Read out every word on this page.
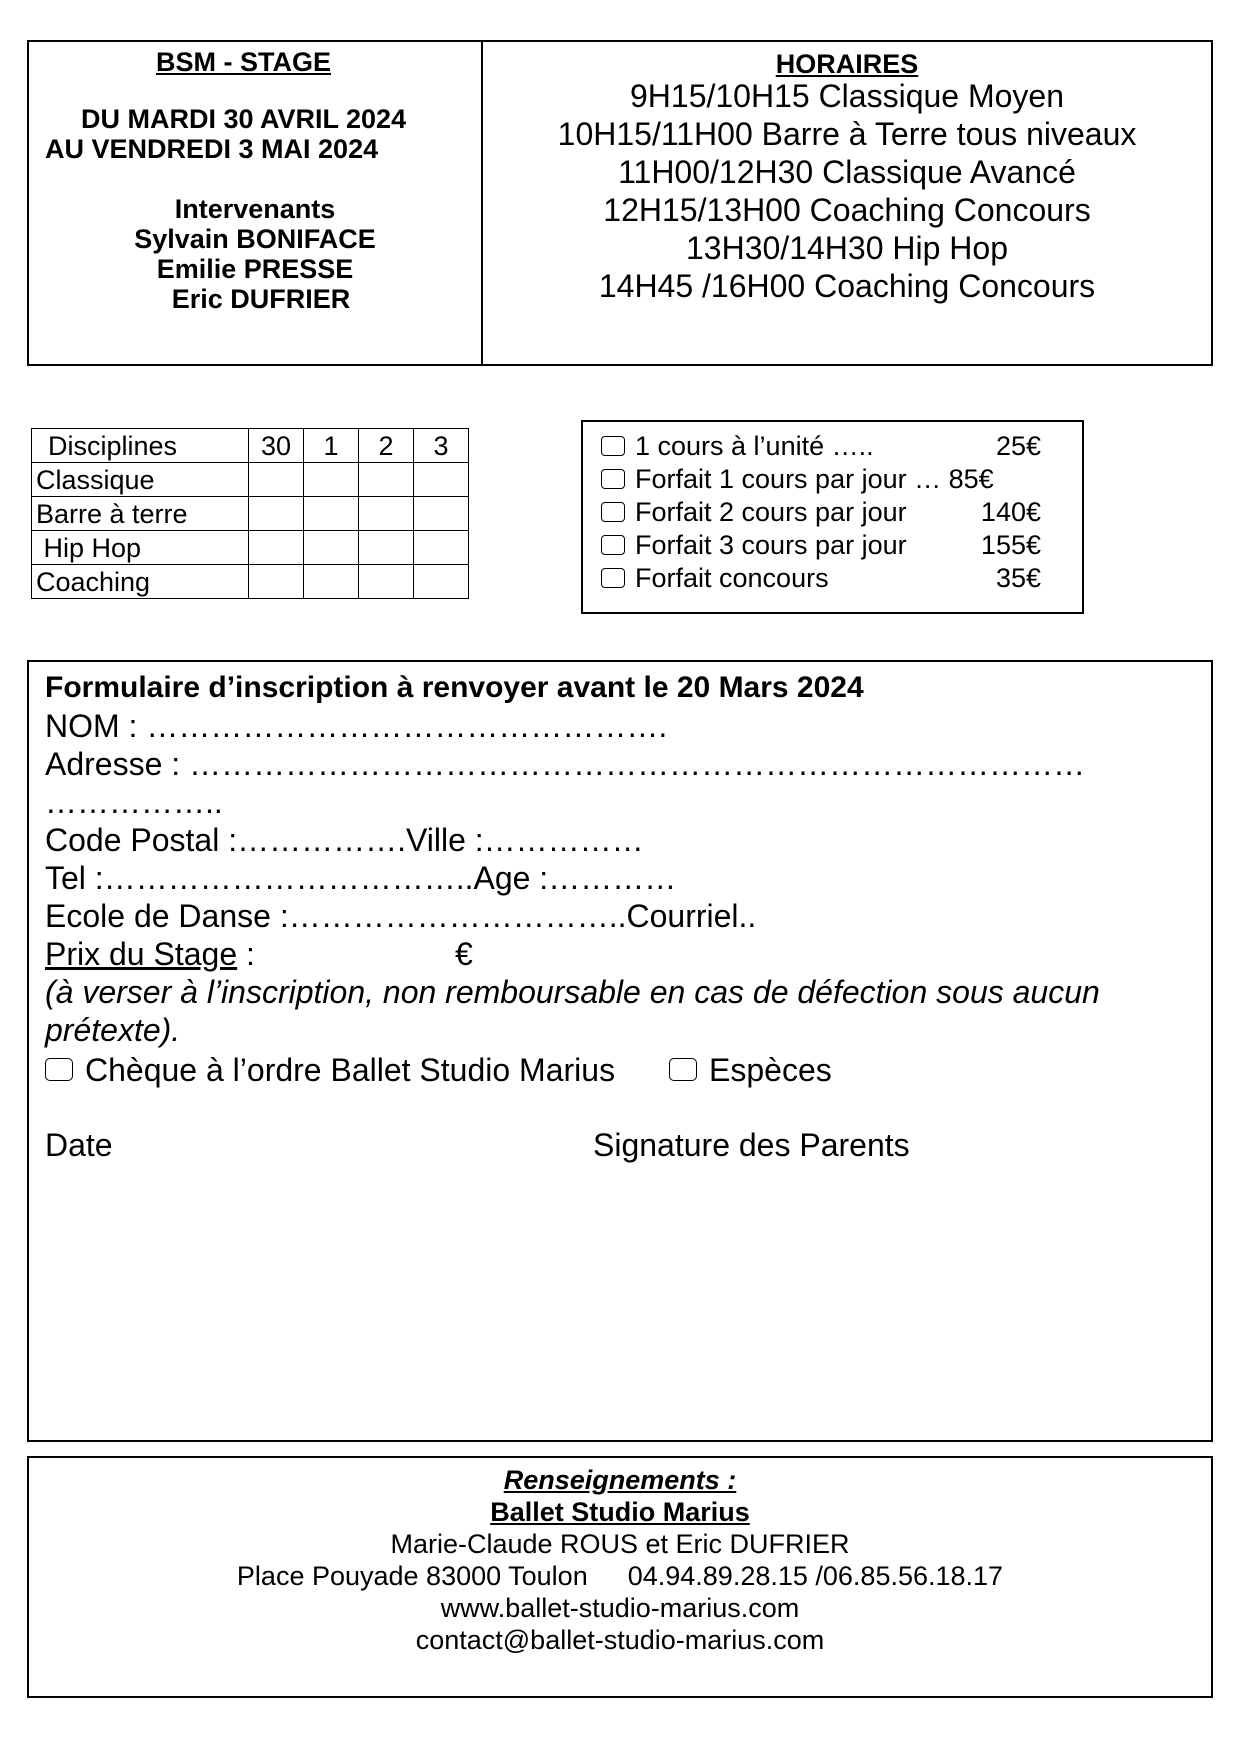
BSM - STAGE
DU MARDI 30 AVRIL 2024
AU VENDREDI 3 MAI 2024
Intervenants
Sylvain BONIFACE
Emilie PRESSE
Eric DUFRIER
HORAIRES
9H15/10H15 Classique Moyen
10H15/11H00 Barre à Terre tous niveaux
11H00/12H30 Classique Avancé
12H15/13H00 Coaching Concours
13H30/14H30 Hip Hop
14H45 /16H00 Coaching Concours
Disciplines	30	1	2	3
Classique				
Barre à terre				
Hip Hop				
Coaching				
1 cours à l’unité …..	25€
Forfait 1 cours par jour … 85€
Forfait 2 cours par jour	140€
Forfait 3 cours par jour	155€
Forfait concours	35€
Formulaire d’inscription à renvoyer avant le 20 Mars 2024
NOM : ………………………………………….
Adresse : …………………………………………………………………………
……………..
Code Postal :…………….Ville :……………
Tel :……………………………..Age :…………
Ecole de Danse :…………………………..Courriel..
Prix du Stage :	€
(à verser à l’inscription, non remboursable en cas de défection sous aucun
prétexte).
Chèque à l’ordre Ballet Studio Marius	Espèces
Date	Signature des Parents
Renseignements :
Ballet Studio Marius
Marie-Claude ROUS et Eric DUFRIER
Place Pouyade 83000 Toulon 04.94.89.28.15 /06.85.56.18.17
www.ballet-studio-marius.com
contact@ballet-studio-marius.com
